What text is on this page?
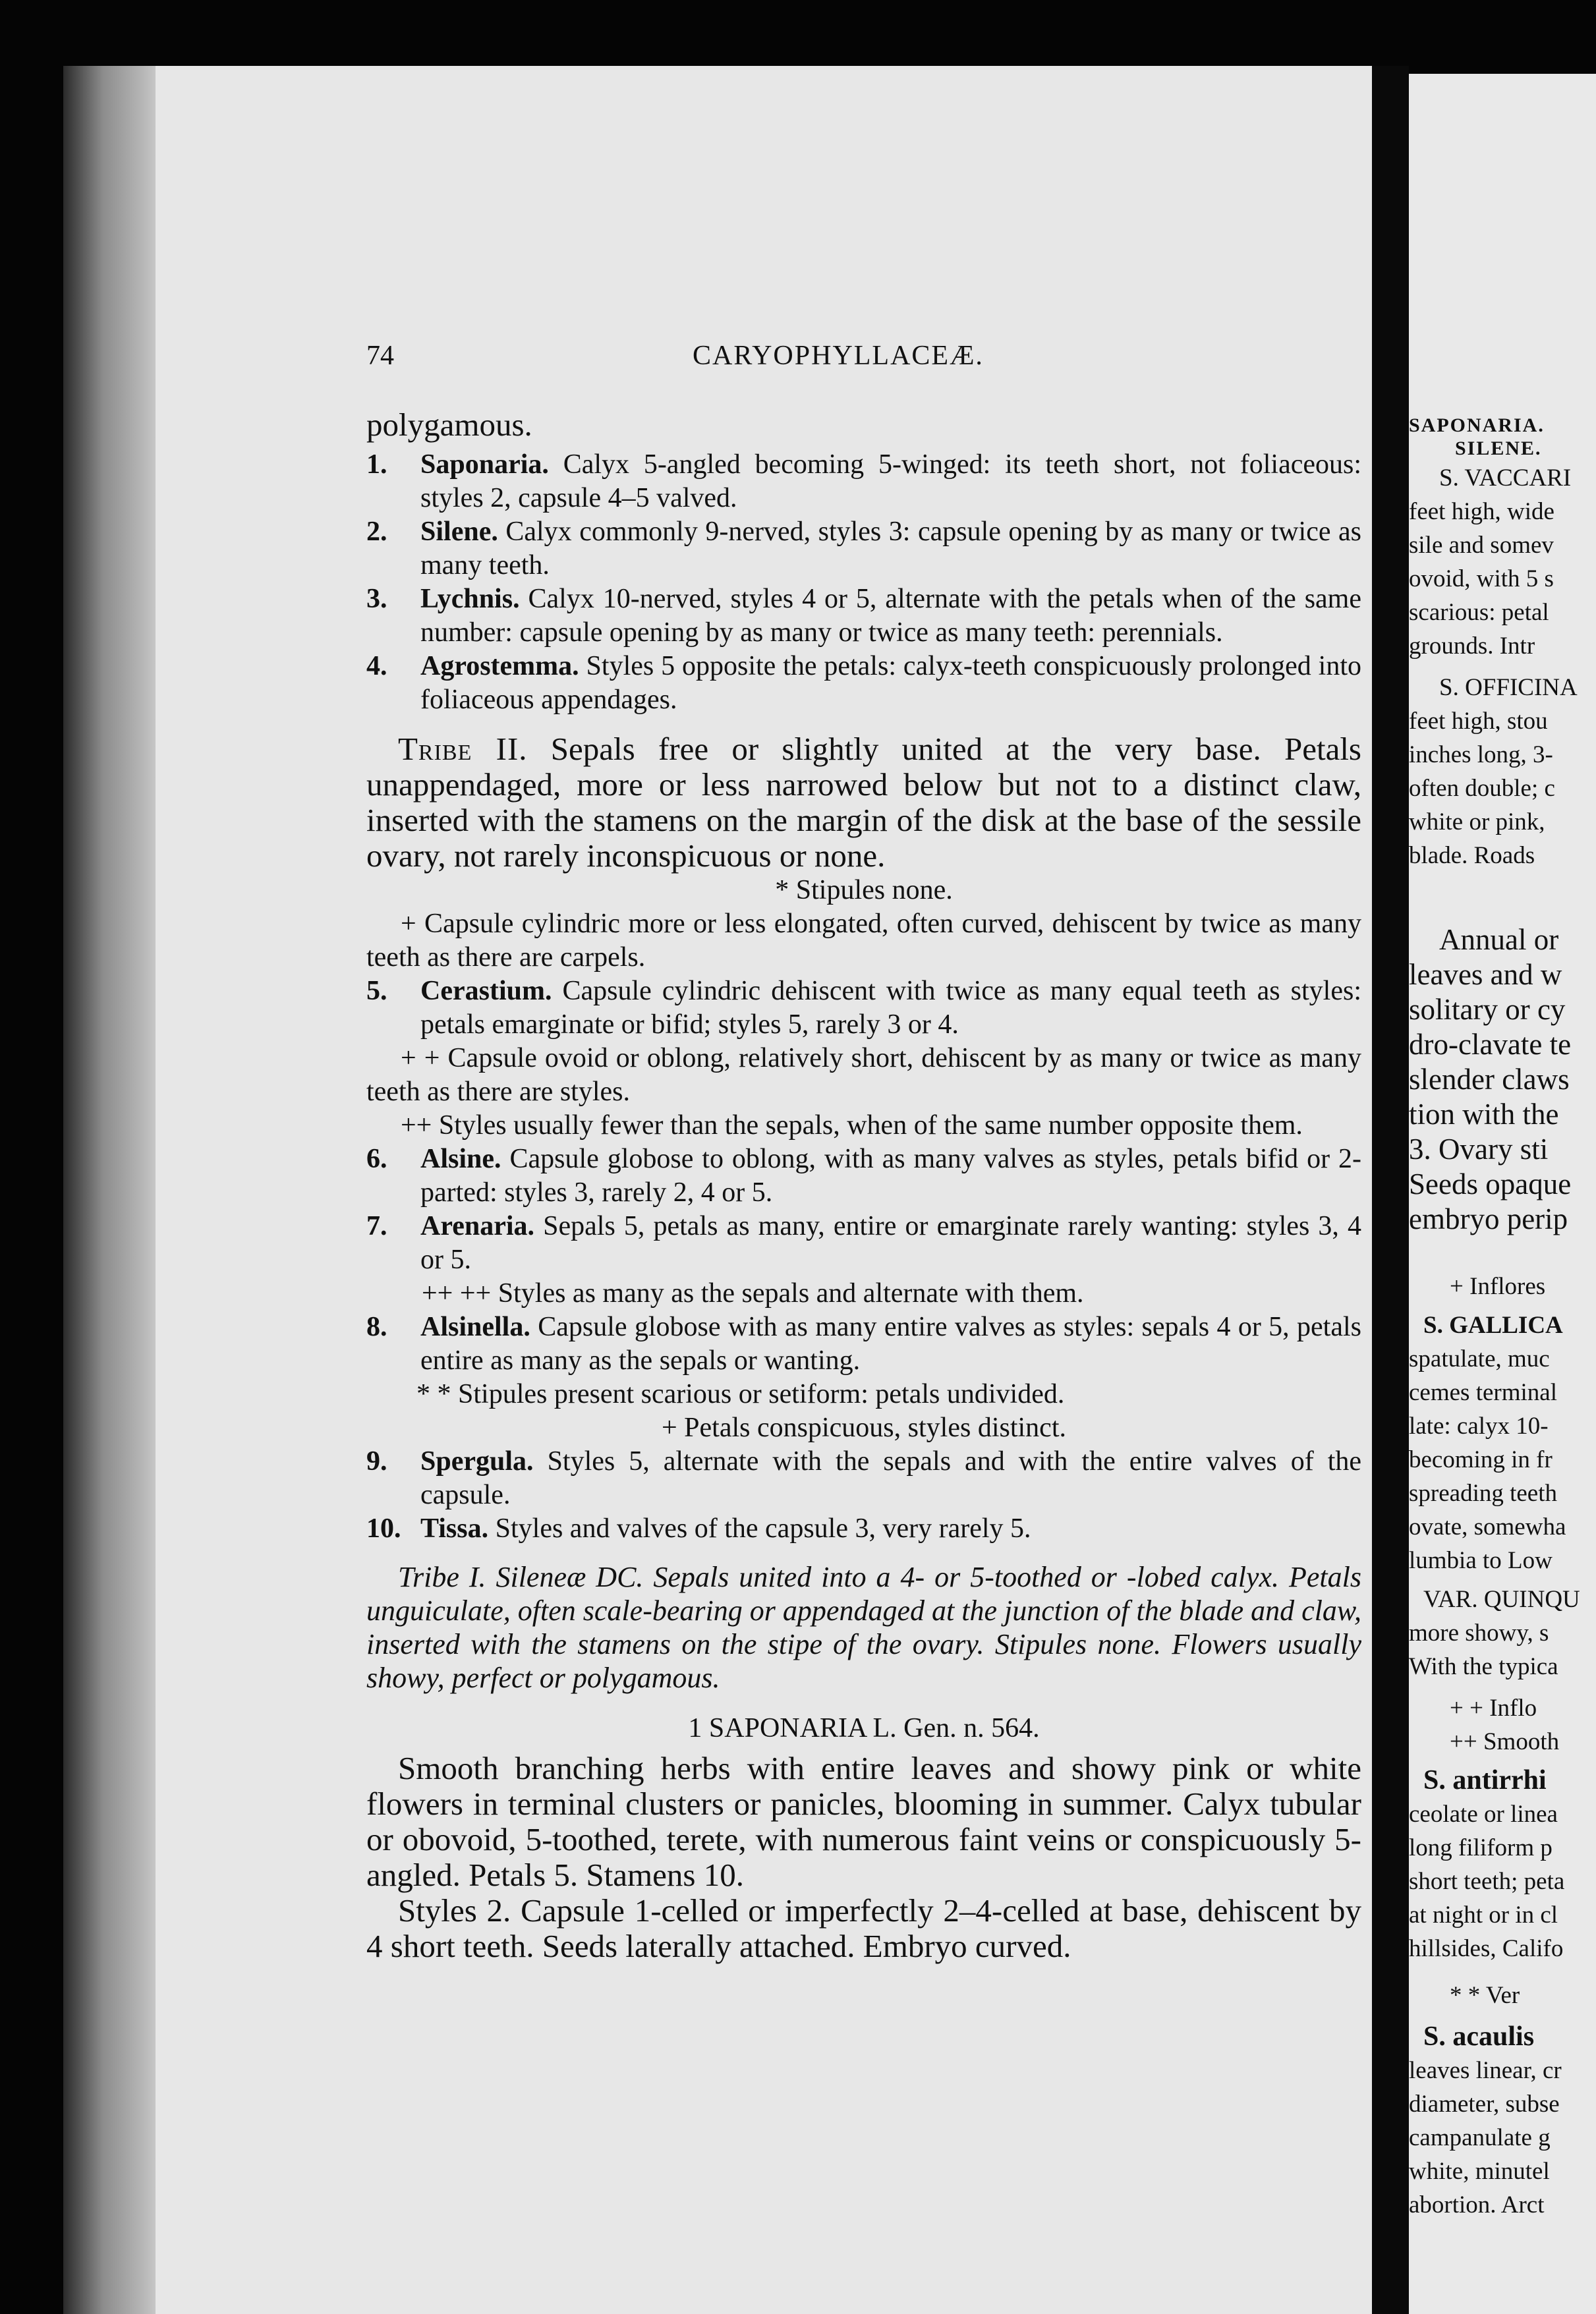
SAPONARIA.
SILENE.
S. VACCARI
feet high, wide
sile and somev
ovoid, with 5 s
scarious: petal
grounds. Intr
S. OFFICINA
feet high, stou
inches long, 3-
often double; c
white or pink,
blade. Roads
Annual or
leaves and w
solitary or cy
dro-clavate te
slender claws
tion with the
3. Ovary sti
Seeds opaque
embryo perip
+ Inflores
S. GALLICA
spatulate, muc
cemes terminal
late: calyx 10-
becoming in fr
spreading teeth
ovate, somewha
lumbia to Low
VAR. QUINQU
more showy, s
With the typica
+ + Inflo
++ Smooth
S. antirrhi
ceolate or linea
long filiform p
short teeth; peta
at night or in cl
hillsides, Califo
* * Ver
S. acaulis
leaves linear, cr
diameter, subse
campanulate g
white, minutel
abortion. Arct
74	CARYOPHYLLACEÆ.

polygamous.

1.	Saponaria. Calyx 5-angled becoming 5-winged: its teeth short, not foliaceous: styles 2, capsule 4–5 valved.

2.	Silene. Calyx commonly 9-nerved, styles 3: capsule opening by as many or twice as many teeth.

3.	Lychnis. Calyx 10-nerved, styles 4 or 5, alternate with the petals when of the same number: capsule opening by as many or twice as many teeth: perennials.

4.	Agrostemma. Styles 5 opposite the petals: calyx-teeth conspicuously prolonged into foliaceous appendages.

Tribe II. Sepals free or slightly united at the very base. Petals unappendaged, more or less narrowed below but not to a distinct claw, inserted with the stamens on the margin of the disk at the base of the sessile ovary, not rarely inconspicuous or none.

* Stipules none.

+ Capsule cylindric more or less elongated, often curved, dehiscent by twice as many teeth as there are carpels.

5.	Cerastium. Capsule cylindric dehiscent with twice as many equal teeth as styles: petals emarginate or bifid; styles 5, rarely 3 or 4.

+ + Capsule ovoid or oblong, relatively short, dehiscent by as many or twice as many teeth as there are styles.

++ Styles usually fewer than the sepals, when of the same number opposite them.

6.	Alsine. Capsule globose to oblong, with as many valves as styles, petals bifid or 2-parted: styles 3, rarely 2, 4 or 5.

7.	Arenaria. Sepals 5, petals as many, entire or emarginate rarely wanting: styles 3, 4 or 5.

++ ++ Styles as many as the sepals and alternate with them.

8.	Alsinella. Capsule globose with as many entire valves as styles: sepals 4 or 5, petals entire as many as the sepals or wanting.

* * Stipules present scarious or setiform: petals undivided.

+ Petals conspicuous, styles distinct.

9.	Spergula. Styles 5, alternate with the sepals and with the entire valves of the capsule.

10. Tissa. Styles and valves of the capsule 3, very rarely 5.

Tribe I. Sileneæ DC. Sepals united into a 4- or 5-toothed or -lobed calyx. Petals unguiculate, often scale-bearing or appendaged at the junction of the blade and claw, inserted with the stamens on the stipe of the ovary. Stipules none. Flowers usually showy, perfect or polygamous.

1 SAPONARIA L. Gen. n. 564.

Smooth branching herbs with entire leaves and showy pink or white flowers in terminal clusters or panicles, blooming in summer. Calyx tubular or obovoid, 5-toothed, terete, with numerous faint veins or conspicuously 5-angled. Petals 5. Stamens 10.

Styles 2. Capsule 1-celled or imperfectly 2–4-celled at base, dehiscent by 4 short teeth. Seeds laterally attached. Embryo curved.
